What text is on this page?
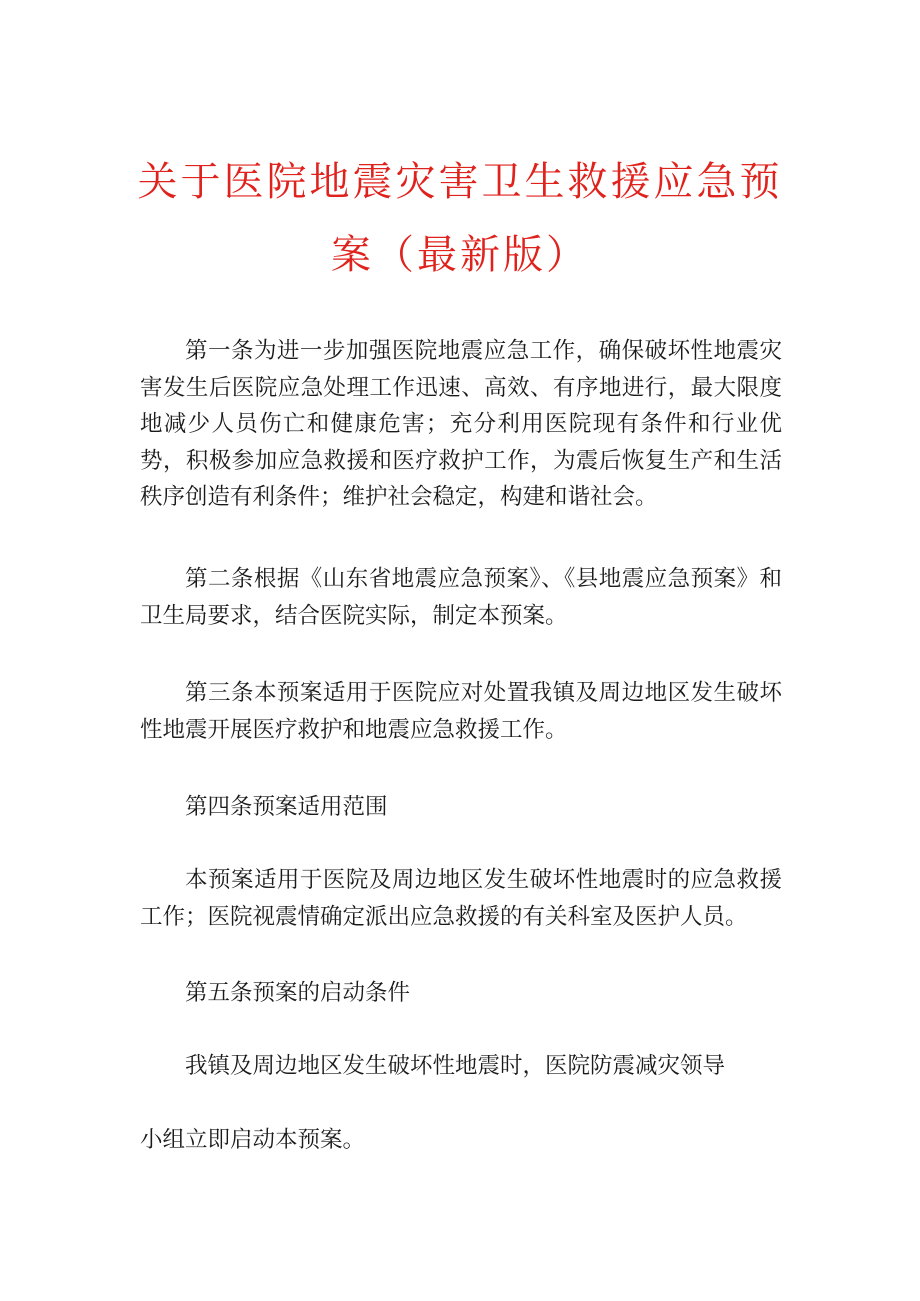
关于医院地震灾害卫生救援应急预
案（最新版）

第一条为进一步加强医院地震应急工作，确保破坏性地震灾害发生后医院应急处理工作迅速、高效、有序地进行，最大限度地减少人员伤亡和健康危害；充分利用医院现有条件和行业优势，积极参加应急救援和医疗救护工作，为震后恢复生产和生活秩序创造有利条件；维护社会稳定，构建和谐社会。

第二条根据《山东省地震应急预案》、《县地震应急预案》和卫生局要求，结合医院实际，制定本预案。

第三条本预案适用于医院应对处置我镇及周边地区发生破坏性地震开展医疗救护和地震应急救援工作。

第四条预案适用范围

本预案适用于医院及周边地区发生破坏性地震时的应急救援工作；医院视震情确定派出应急救援的有关科室及医护人员。

第五条预案的启动条件

我镇及周边地区发生破坏性地震时，医院防震减灾领导

小组立即启动本预案。
